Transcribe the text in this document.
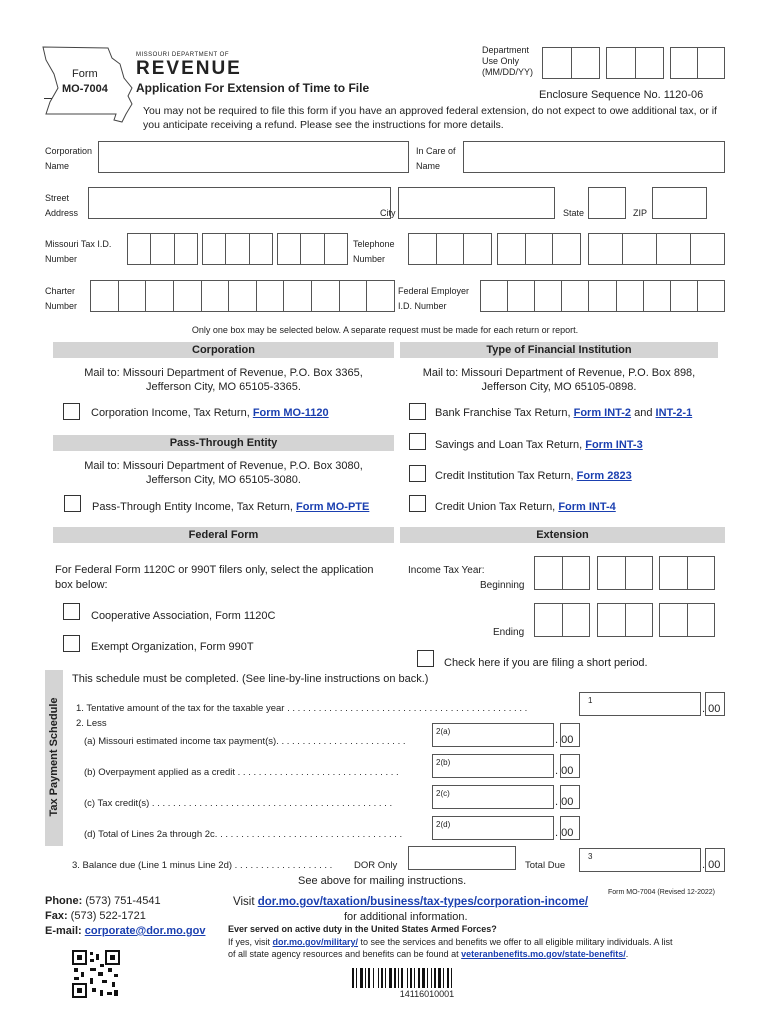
Form
MO-7004
MISSOURI DEPARTMENT OF
REVENUE
Application For Extension of Time to File
Department
Use Only
(MM/DD/YY)
Enclosure Sequence No. 1120-06
You may not be required to file this form if you have an approved federal extension, do not expect to owe additional tax, or if you anticipate receiving a refund. Please see the instructions for more details.
Corporation
Name
In Care of
Name
Street
Address	City	State	ZIP
Missouri Tax I.D.
Number
Telephone
Number
Charter
Number
Federal Employer
I.D. Number
Only one box may be selected below. A separate request must be made for each return or report.
Corporation	Type of Financial Institution
Mail to: Missouri Department of Revenue, P.O. Box 3365,
Jefferson City, MO 65105-3365.
Mail to: Missouri Department of Revenue, P.O. Box 898,
Jefferson City, MO 65105-0898.
Corporation Income, Tax Return, Form MO-1120	Bank Franchise Tax Return, Form INT-2 and INT-2-1
Pass-Through Entity	Savings and Loan Tax Return, Form INT-3
Mail to: Missouri Department of Revenue, P.O. Box 3080,
Jefferson City, MO 65105-3080.	Credit Institution Tax Return, Form 2823
Pass-Through Entity Income, Tax Return, Form MO-PTE	Credit Union Tax Return, Form INT-4
Federal Form	Extension
For Federal Form 1120C or 990T filers only, select the application
box below:
Cooperative Association, Form 1120C
Exempt Organization, Form 990T
Income Tax Year:
Beginning
Ending
Check here if you are filing a short period.
Tax Payment Schedule
This schedule must be completed. (See line-by-line instructions on back.)
1. Tentative amount of the tax for the taxable year . . . . . . . . . . . . . . . . . . . . . . . . . . . . . . . . . . . . . . . . . . . . . .
1
. 00
2. Less
(a) Missouri estimated income tax payment(s). . . . . . . . . . . . . . . . . . . . . . . . .
2(a)
. 00
(b) Overpayment applied as a credit . . . . . . . . . . . . . . . . . . . . . . . . . . . . . . .
2(b)
. 00
(c) Tax credit(s) . . . . . . . . . . . . . . . . . . . . . . . . . . . . . . . . . . . . . . . . . . . . . .
2(c)
. 00
(d) Total of Lines 2a through 2c. . . . . . . . . . . . . . . . . . . . . . . . . . . . . . . . . . . .
2(d)
. 00
3. Balance due (Line 1 minus Line 2d) . . . . . . . . . . . . . . . . . . .	DOR Only	Total Due
3
. 00
See above for mailing instructions.
Phone: (573) 751-4541
Fax: (573) 522-1721
E-mail: corporate@dor.mo.gov
Visit dor.mo.gov/taxation/business/tax-types/corporation-income/
Form MO-7004 (Revised 12-2022)
for additional information.
Ever served on active duty in the United States Armed Forces?
If yes, visit dor.mo.gov/military/ to see the services and benefits we offer to all eligible military individuals. A list
of all state agency resources and benefits can be found at veteranbenefits.mo.gov/state-benefits/.
14116010001
